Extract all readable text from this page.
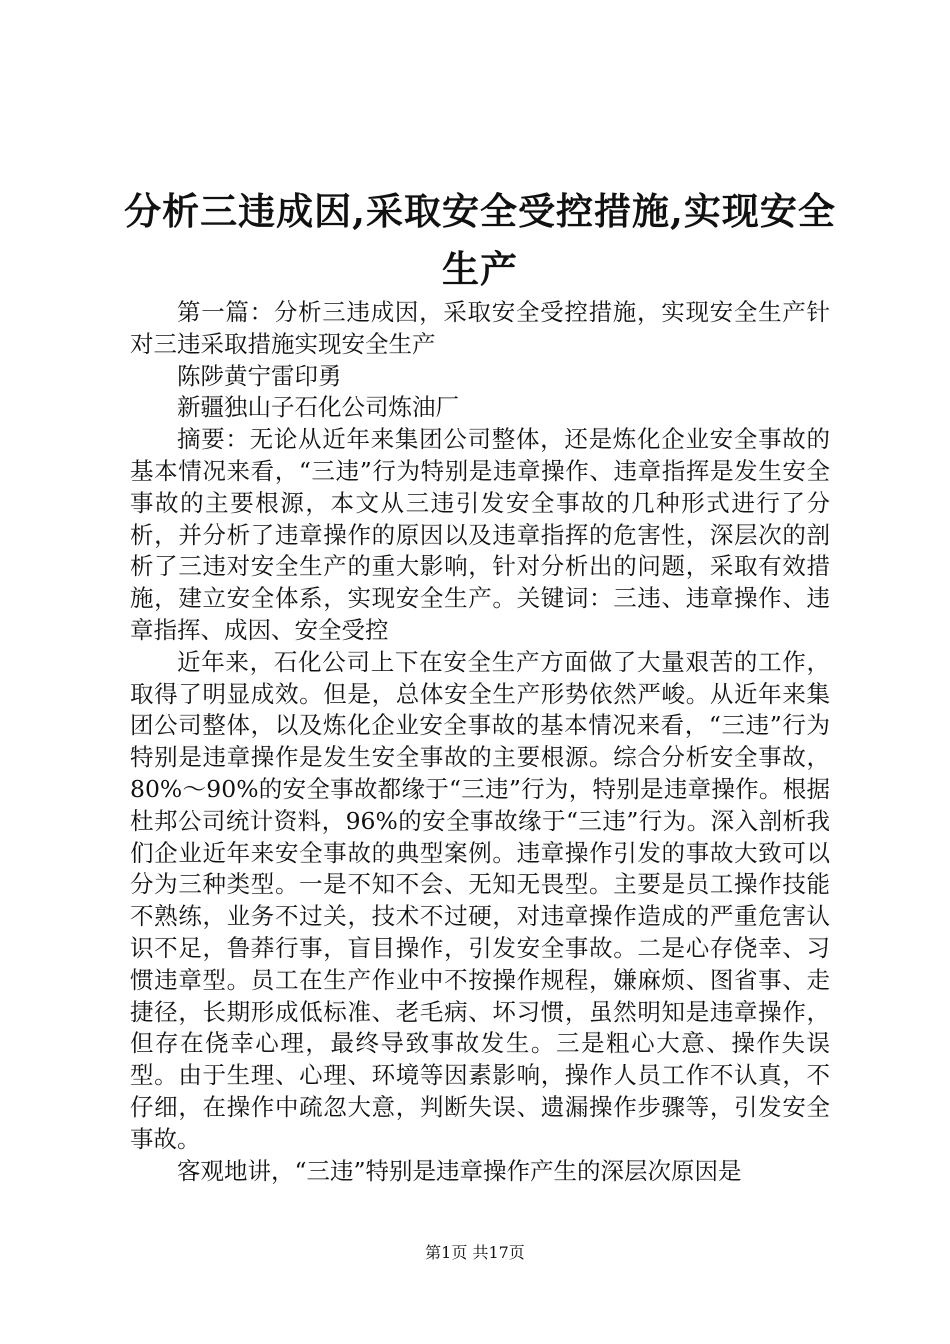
分析三违成因,采取安全受控措施,实现安全生产

第一篇：分析三违成因，采取安全受控措施，实现安全生产针对三违采取措施实现安全生产

陈陟黄宁雷印勇

新疆独山子石化公司炼油厂

摘要：无论从近年来集团公司整体，还是炼化企业安全事故的基本情况来看，“三违”行为特别是违章操作、违章指挥是发生安全事故的主要根源，本文从三违引发安全事故的几种形式进行了分析，并分析了违章操作的原因以及违章指挥的危害性，深层次的剖析了三违对安全生产的重大影响，针对分析出的问题，采取有效措施，建立安全体系，实现安全生产。关键词：三违、违章操作、违章指挥、成因、安全受控

近年来，石化公司上下在安全生产方面做了大量艰苦的工作，取得了明显成效。但是，总体安全生产形势依然严峻。从近年来集团公司整体，以及炼化企业安全事故的基本情况来看，“三违”行为特别是违章操作是发生安全事故的主要根源。综合分析安全事故，80%～90%的安全事故都缘于“三违”行为，特别是违章操作。根据杜邦公司统计资料，96%的安全事故缘于“三违”行为。深入剖析我们企业近年来安全事故的典型案例。违章操作引发的事故大致可以分为三种类型。一是不知不会、无知无畏型。主要是员工操作技能不熟练，业务不过关，技术不过硬，对违章操作造成的严重危害认识不足，鲁莽行事，盲目操作，引发安全事故。二是心存侥幸、习惯违章型。员工在生产作业中不按操作规程，嫌麻烦、图省事、走捷径，长期形成低标准、老毛病、坏习惯，虽然明知是违章操作，但存在侥幸心理，最终导致事故发生。三是粗心大意、操作失误型。由于生理、心理、环境等因素影响，操作人员工作不认真，不仔细，在操作中疏忽大意，判断失误、遗漏操作步骤等，引发安全事故。

客观地讲，“三违”特别是违章操作产生的深层次原因是

第1页 共17页
